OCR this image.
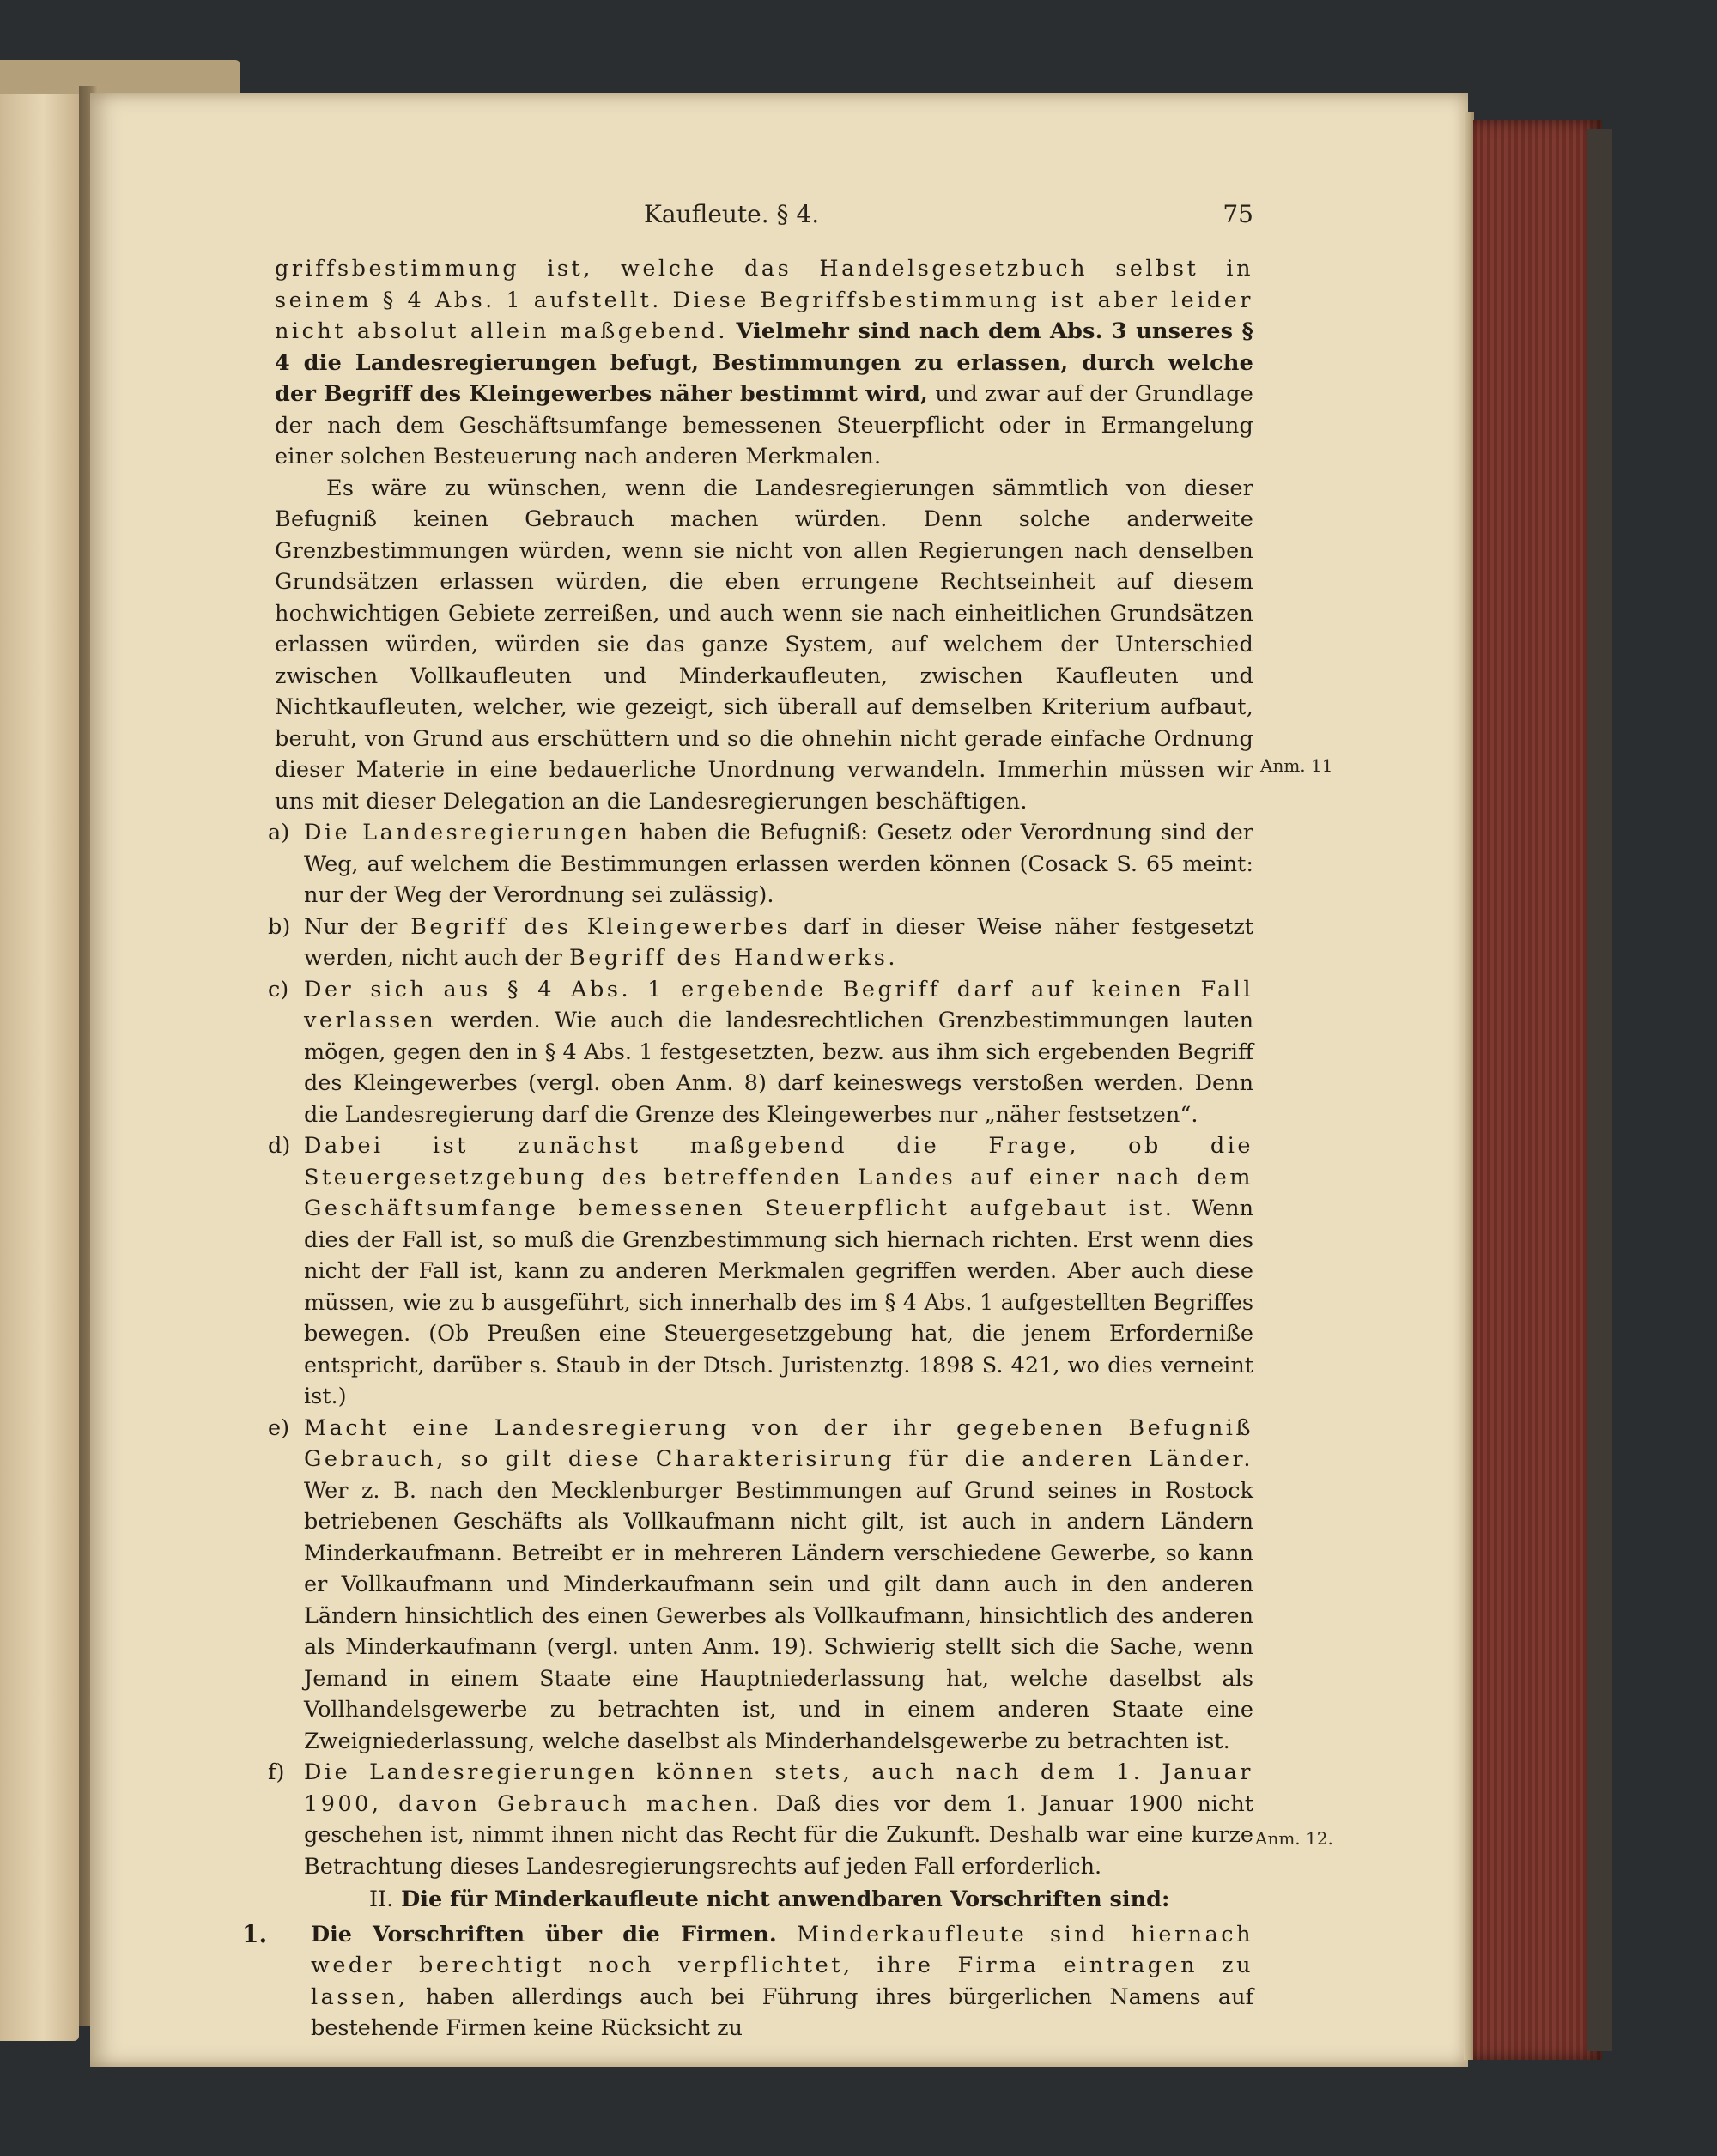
Kaufleute. § 4.	75

griffsbestimmung ist, welche das Handelsgesetzbuch selbst in seinem § 4 Abs. 1 aufstellt. Diese Begriffsbestimmung ist aber leider nicht absolut allein maßgebend. Vielmehr sind nach dem Abs. 3 unseres § 4 die Landesregierungen befugt, Bestimmungen zu erlassen, durch welche der Begriff des Kleingewerbes näher bestimmt wird, und zwar auf der Grundlage der nach dem Geschäftsumfange bemessenen Steuerpflicht oder in Ermangelung einer solchen Besteuerung nach anderen Merkmalen.

Es wäre zu wünschen, wenn die Landesregierungen sämmtlich von dieser Befugniß keinen Gebrauch machen würden. Denn solche anderweite Grenzbestimmungen würden, wenn sie nicht von allen Regierungen nach denselben Grundsätzen erlassen würden, die eben errungene Rechtseinheit auf diesem hochwichtigen Gebiete zerreißen, und auch wenn sie nach einheitlichen Grundsätzen erlassen würden, würden sie das ganze System, auf welchem der Unterschied zwischen Vollkaufleuten und Minderkaufleuten, zwischen Kaufleuten und Nichtkaufleuten, welcher, wie gezeigt, sich überall auf demselben Kriterium aufbaut, beruht, von Grund aus erschüttern und so die ohnehin nicht gerade einfache Ordnung dieser Materie in eine bedauerliche Unordnung verwandeln. Immerhin müssen wir uns mit dieser Delegation an die Landesregierungen beschäftigen.

a) Die Landesregierungen haben die Befugniß: Gesetz oder Verordnung sind der Weg, auf welchem die Bestimmungen erlassen werden können (Cosack S. 65 meint: nur der Weg der Verordnung sei zulässig).
b) Nur der Begriff des Kleingewerbes darf in dieser Weise näher festgesetzt werden, nicht auch der Begriff des Handwerks.
c) Der sich aus § 4 Abs. 1 ergebende Begriff darf auf keinen Fall verlassen werden. Wie auch die landesrechtlichen Grenzbestimmungen lauten mögen, gegen den in § 4 Abs. 1 festgesetzten, bezw. aus ihm sich ergebenden Begriff des Kleingewerbes (vergl. oben Anm. 8) darf keineswegs verstoßen werden. Denn die Landesregierung darf die Grenze des Kleingewerbes nur „näher festsetzen“.
d) Dabei ist zunächst maßgebend die Frage, ob die Steuergesetzgebung des betreffenden Landes auf einer nach dem Geschäftsumfange bemessenen Steuerpflicht aufgebaut ist. Wenn dies der Fall ist, so muß die Grenzbestimmung sich hiernach richten. Erst wenn dies nicht der Fall ist, kann zu anderen Merkmalen gegriffen werden. Aber auch diese müssen, wie zu b ausgeführt, sich innerhalb des im § 4 Abs. 1 aufgestellten Begriffes bewegen. (Ob Preußen eine Steuergesetzgebung hat, die jenem Erforderniße entspricht, darüber s. Staub in der Dtsch. Juristenztg. 1898 S. 421, wo dies verneint ist.)
e) Macht eine Landesregierung von der ihr gegebenen Befugniß Gebrauch, so gilt diese Charakterisirung für die anderen Länder. Wer z. B. nach den Mecklenburger Bestimmungen auf Grund seines in Rostock betriebenen Geschäfts als Vollkaufmann nicht gilt, ist auch in andern Ländern Minderkaufmann. Betreibt er in mehreren Ländern verschiedene Gewerbe, so kann er Vollkaufmann und Minderkaufmann sein und gilt dann auch in den anderen Ländern hinsichtlich des einen Gewerbes als Vollkaufmann, hinsichtlich des anderen als Minderkaufmann (vergl. unten Anm. 19). Schwierig stellt sich die Sache, wenn Jemand in einem Staate eine Hauptniederlassung hat, welche daselbst als Vollhandelsgewerbe zu betrachten ist, und in einem anderen Staate eine Zweigniederlassung, welche daselbst als Minderhandelsgewerbe zu betrachten ist.
f) Die Landesregierungen können stets, auch nach dem 1. Januar 1900, davon Gebrauch machen. Daß dies vor dem 1. Januar 1900 nicht geschehen ist, nimmt ihnen nicht das Recht für die Zukunft. Deshalb war eine kurze Betrachtung dieses Landesregierungsrechts auf jeden Fall erforderlich.
II. Die für Minderkaufleute nicht anwendbaren Vorschriften sind:
1. Die Vorschriften über die Firmen. Minderkaufleute sind hiernach weder berechtigt noch verpflichtet, ihre Firma eintragen zu lassen, haben allerdings auch bei Führung ihres bürgerlichen Namens auf bestehende Firmen keine Rücksicht zu
Anm. 11
Anm. 12.
